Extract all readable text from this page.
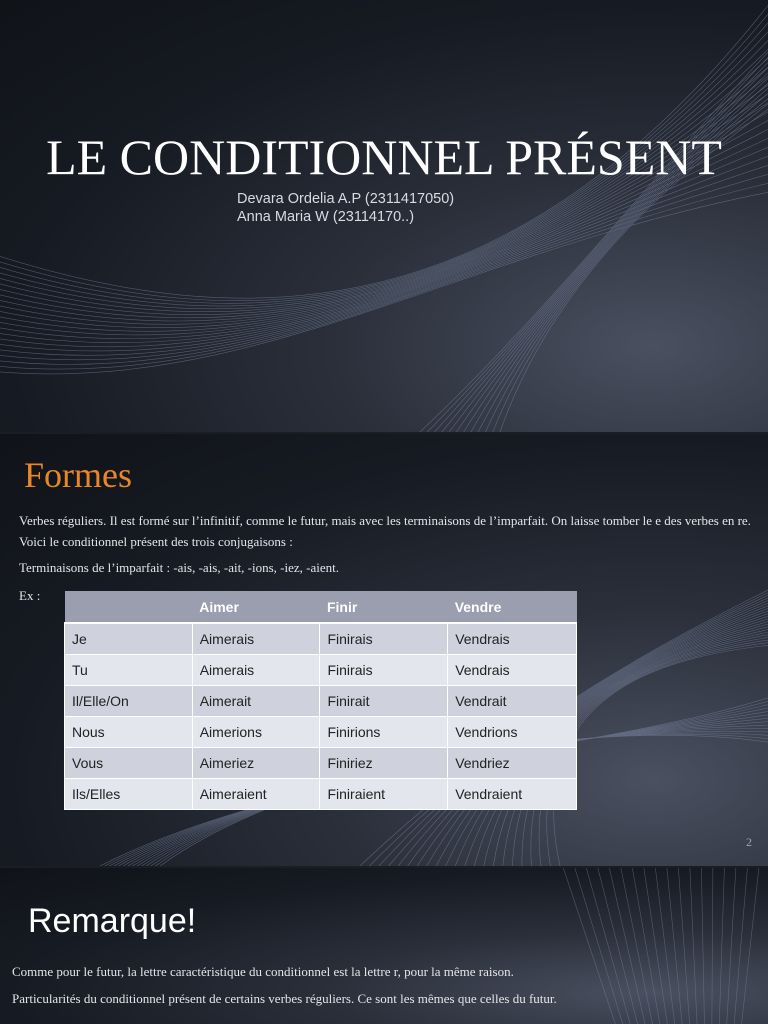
LE CONDITIONNEL PRÉSENT
Devara Ordelia A.P (2311417050)
Anna Maria W (23114170..)
Formes
Verbes réguliers. Il est formé sur l’infinitif, comme le futur, mais avec les terminaisons de l’imparfait. On laisse tomber le e des verbes en re. Voici le conditionnel présent des trois conjugaisons :
Terminaisons de l’imparfait : -ais, -ais, -ait, -ions, -iez, -aient.
Ex :
	Aimer	Finir	Vendre
Je	Aimerais	Finirais	Vendrais
Tu	Aimerais	Finirais	Vendrais
Il/Elle/On	Aimerait	Finirait	Vendrait
Nous	Aimerions	Finirions	Vendrions
Vous	Aimeriez	Finiriez	Vendriez
Ils/Elles	Aimeraient	Finiraient	Vendraient
2
Remarque!
Comme pour le futur, la lettre caractéristique du conditionnel est la lettre r, pour la même raison.
Particularités du conditionnel présent de certains verbes réguliers. Ce sont les mêmes que celles du futur.
